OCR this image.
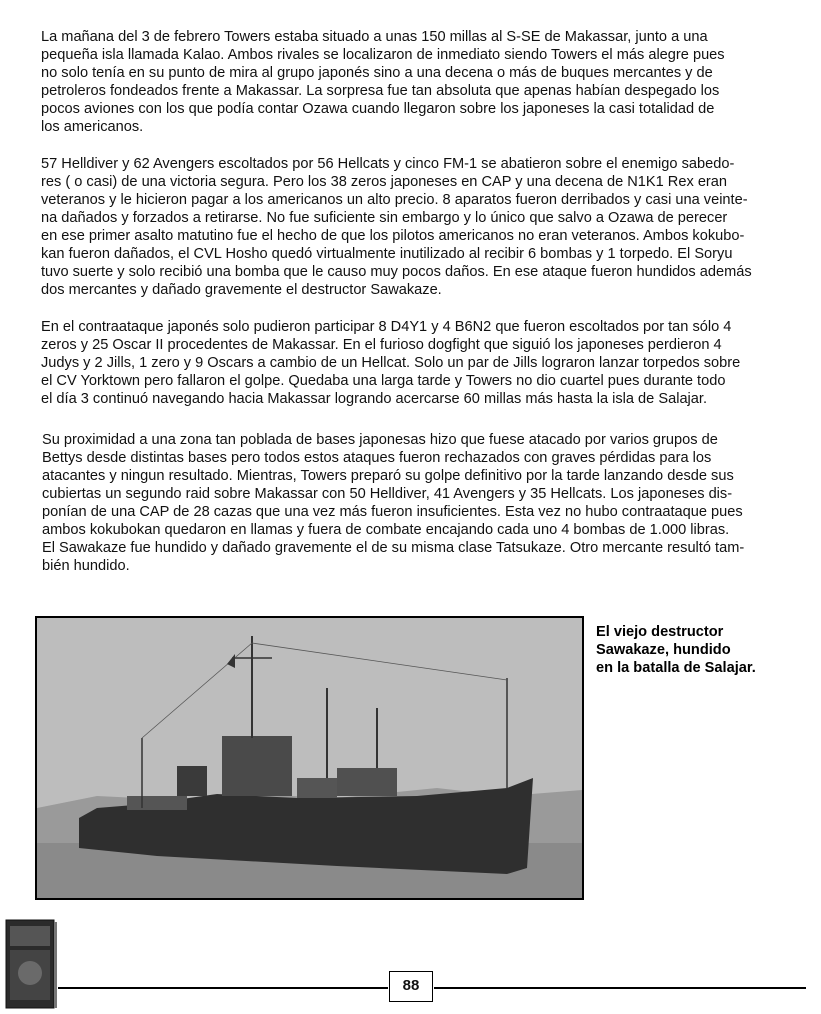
La mañana del 3 de febrero Towers estaba situado a unas 150 millas al S-SE de Makassar, junto a una
pequeña isla llamada Kalao. Ambos rivales se localizaron de inmediato siendo Towers el más alegre pues
no solo tenía en su punto de mira al grupo japonés sino a una decena o más de buques mercantes y de
petroleros fondeados frente a Makassar. La sorpresa fue tan absoluta que apenas habían despegado los
pocos aviones con los que podía contar Ozawa cuando llegaron sobre los japoneses la casi totalidad de
los americanos.
57 Helldiver y 62 Avengers escoltados por 56 Hellcats y cinco FM-1 se abatieron sobre el enemigo sabedo-
res ( o casi) de una victoria segura. Pero los 38 zeros japoneses en CAP y una decena de N1K1 Rex eran
veteranos y le hicieron pagar a los americanos un alto precio. 8 aparatos fueron derribados y casi una veinte-
na dañados y forzados a retirarse. No fue suficiente sin embargo y lo único que salvo a Ozawa de perecer
en ese primer asalto matutino fue el hecho de que los pilotos americanos no eran veteranos. Ambos kokubo-
kan fueron dañados, el CVL Hosho quedó virtualmente inutilizado al recibir 6 bombas y 1 torpedo. El Soryu
tuvo suerte y solo recibió una bomba que le causo muy pocos daños. En ese ataque fueron hundidos además
dos mercantes y dañado gravemente el destructor Sawakaze.
En el contraataque japonés solo pudieron participar 8 D4Y1 y 4 B6N2 que fueron escoltados por tan sólo 4
zeros y 25 Oscar II procedentes de Makassar. En el furioso dogfight que siguió los japoneses perdieron 4
Judys y 2 Jills, 1 zero y 9 Oscars a cambio de un Hellcat. Solo un par de Jills lograron lanzar torpedos sobre
el CV Yorktown pero fallaron el golpe. Quedaba una larga tarde y Towers no dio cuartel pues durante todo
el día 3 continuó navegando hacia Makassar logrando acercarse 60 millas más hasta la isla de Salajar.
Su proximidad a una zona tan poblada de bases japonesas hizo que fuese atacado por varios grupos de
Bettys desde distintas bases pero todos estos ataques fueron rechazados con graves pérdidas para los
atacantes y ningun resultado. Mientras, Towers preparó su golpe definitivo por la tarde lanzando desde sus
cubiertas un segundo raid sobre Makassar con 50 Helldiver, 41 Avengers y 35 Hellcats. Los japoneses dis-
ponían de una CAP de 28 cazas que una vez más fueron insuficientes. Esta vez no hubo contraataque pues
ambos kokubokan quedaron en llamas y fuera de combate encajando cada uno 4 bombas de 1.000 libras.
El Sawakaze fue hundido y dañado gravemente el de su misma clase Tatsukaze. Otro mercante resultó tam-
bién hundido.
El viejo destructor
Sawakaze, hundido
en la batalla de Salajar.
88
